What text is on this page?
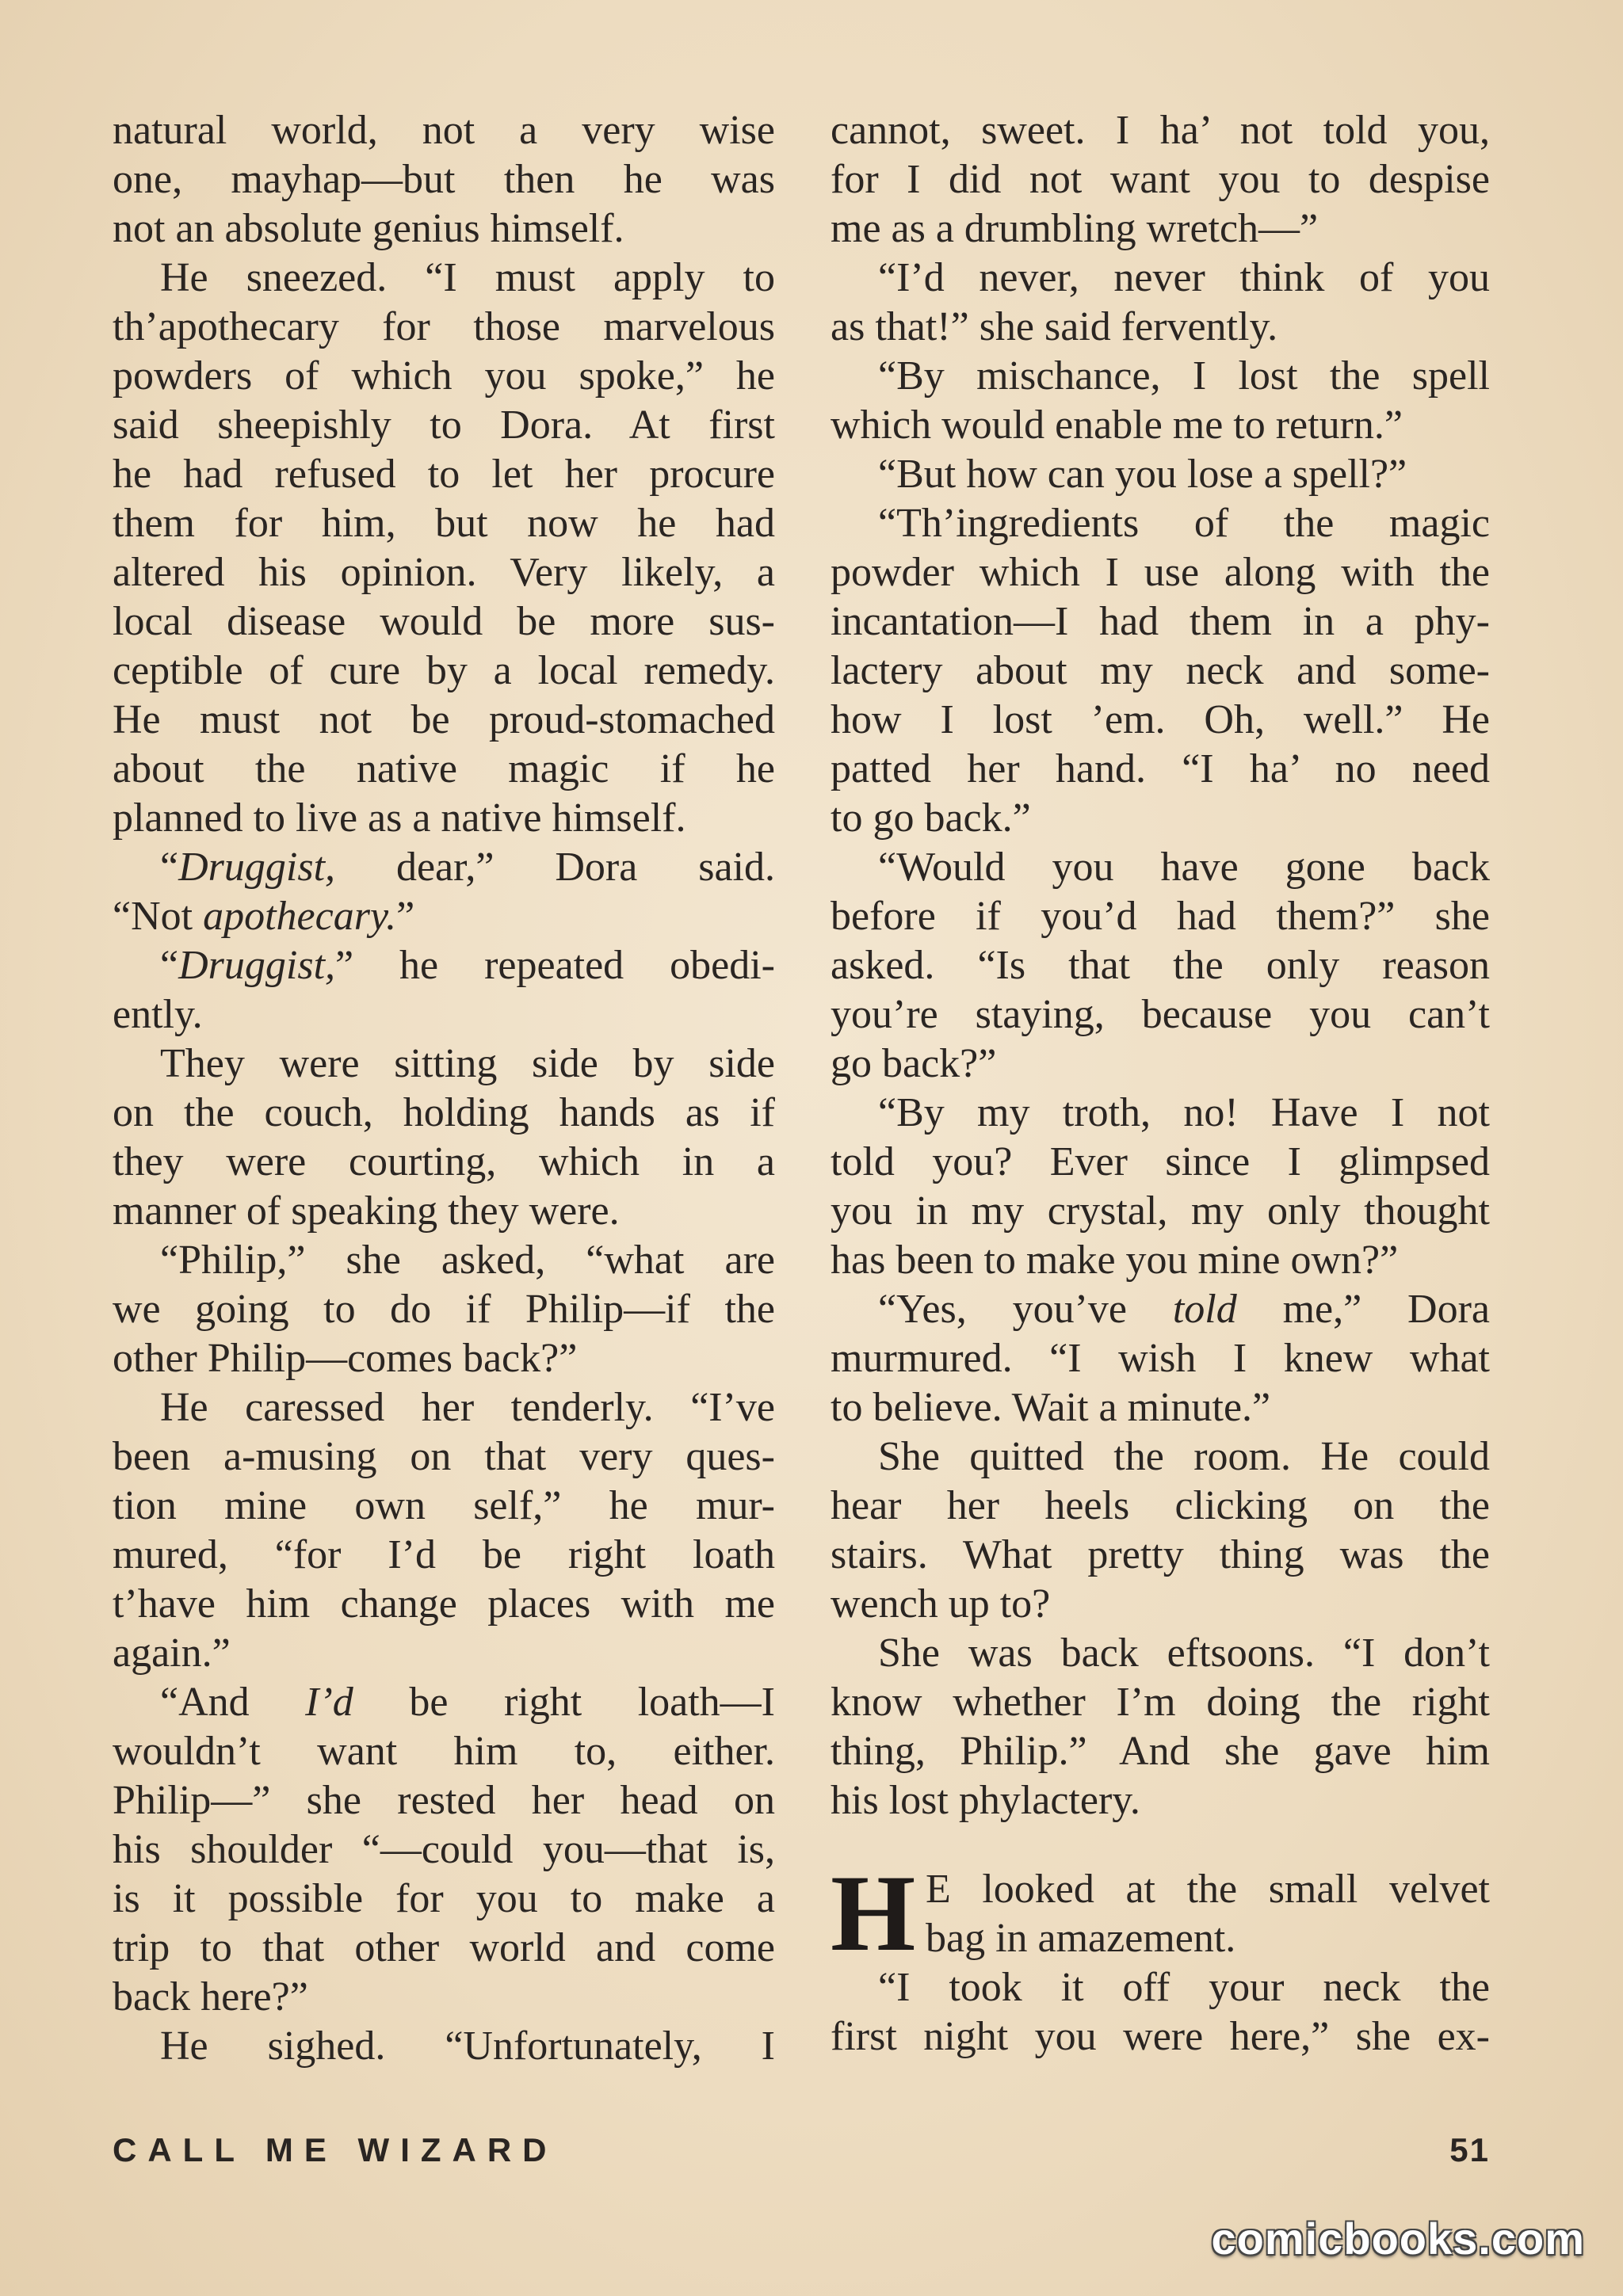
natural world, not a very wise
one, mayhap—but then he was
not an absolute genius himself.
He sneezed. “I must apply to
th’apothecary for those marvelous
powders of which you spoke,” he
said sheepishly to Dora. At first
he had refused to let her procure
them for him, but now he had
altered his opinion. Very likely, a
local disease would be more sus-
ceptible of cure by a local remedy.
He must not be proud-stomached
about the native magic if he
planned to live as a native himself.
“Druggist, dear,” Dora said.
“Not apothecary.”
“Druggist,” he repeated obedi-
ently.
They were sitting side by side
on the couch, holding hands as if
they were courting, which in a
manner of speaking they were.
“Philip,” she asked, “what are
we going to do if Philip—if the
other Philip—comes back?”
He caressed her tenderly. “I’ve
been a-musing on that very ques-
tion mine own self,” he mur-
mured, “for I’d be right loath
t’have him change places with me
again.”
“And I’d be right loath—I
wouldn’t want him to, either.
Philip—” she rested her head on
his shoulder “—could you—that is,
is it possible for you to make a
trip to that other world and come
back here?”
He sighed. “Unfortunately, I
cannot, sweet. I ha’ not told you,
for I did not want you to despise
me as a drumbling wretch—”
“I’d never, never think of you
as that!” she said fervently.
“By mischance, I lost the spell
which would enable me to return.”
“But how can you lose a spell?”
“Th’ingredients of the magic
powder which I use along with the
incantation—I had them in a phy-
lactery about my neck and some-
how I lost ’em. Oh, well.” He
patted her hand. “I ha’ no need
to go back.”
“Would you have gone back
before if you’d had them?” she
asked. “Is that the only reason
you’re staying, because you can’t
go back?”
“By my troth, no! Have I not
told you? Ever since I glimpsed
you in my crystal, my only thought
has been to make you mine own?”
“Yes, you’ve told me,” Dora
murmured. “I wish I knew what
to believe. Wait a minute.”
She quitted the room. He could
hear her heels clicking on the
stairs. What pretty thing was the
wench up to?
She was back eftsoons. “I don’t
know whether I’m doing the right
thing, Philip.” And she gave him
his lost phylactery.
H E looked at the small velvet
bag in amazement.
“I took it off your neck the
first night you were here,” she ex-
CALL ME WIZARD	51
comicbooks.com
